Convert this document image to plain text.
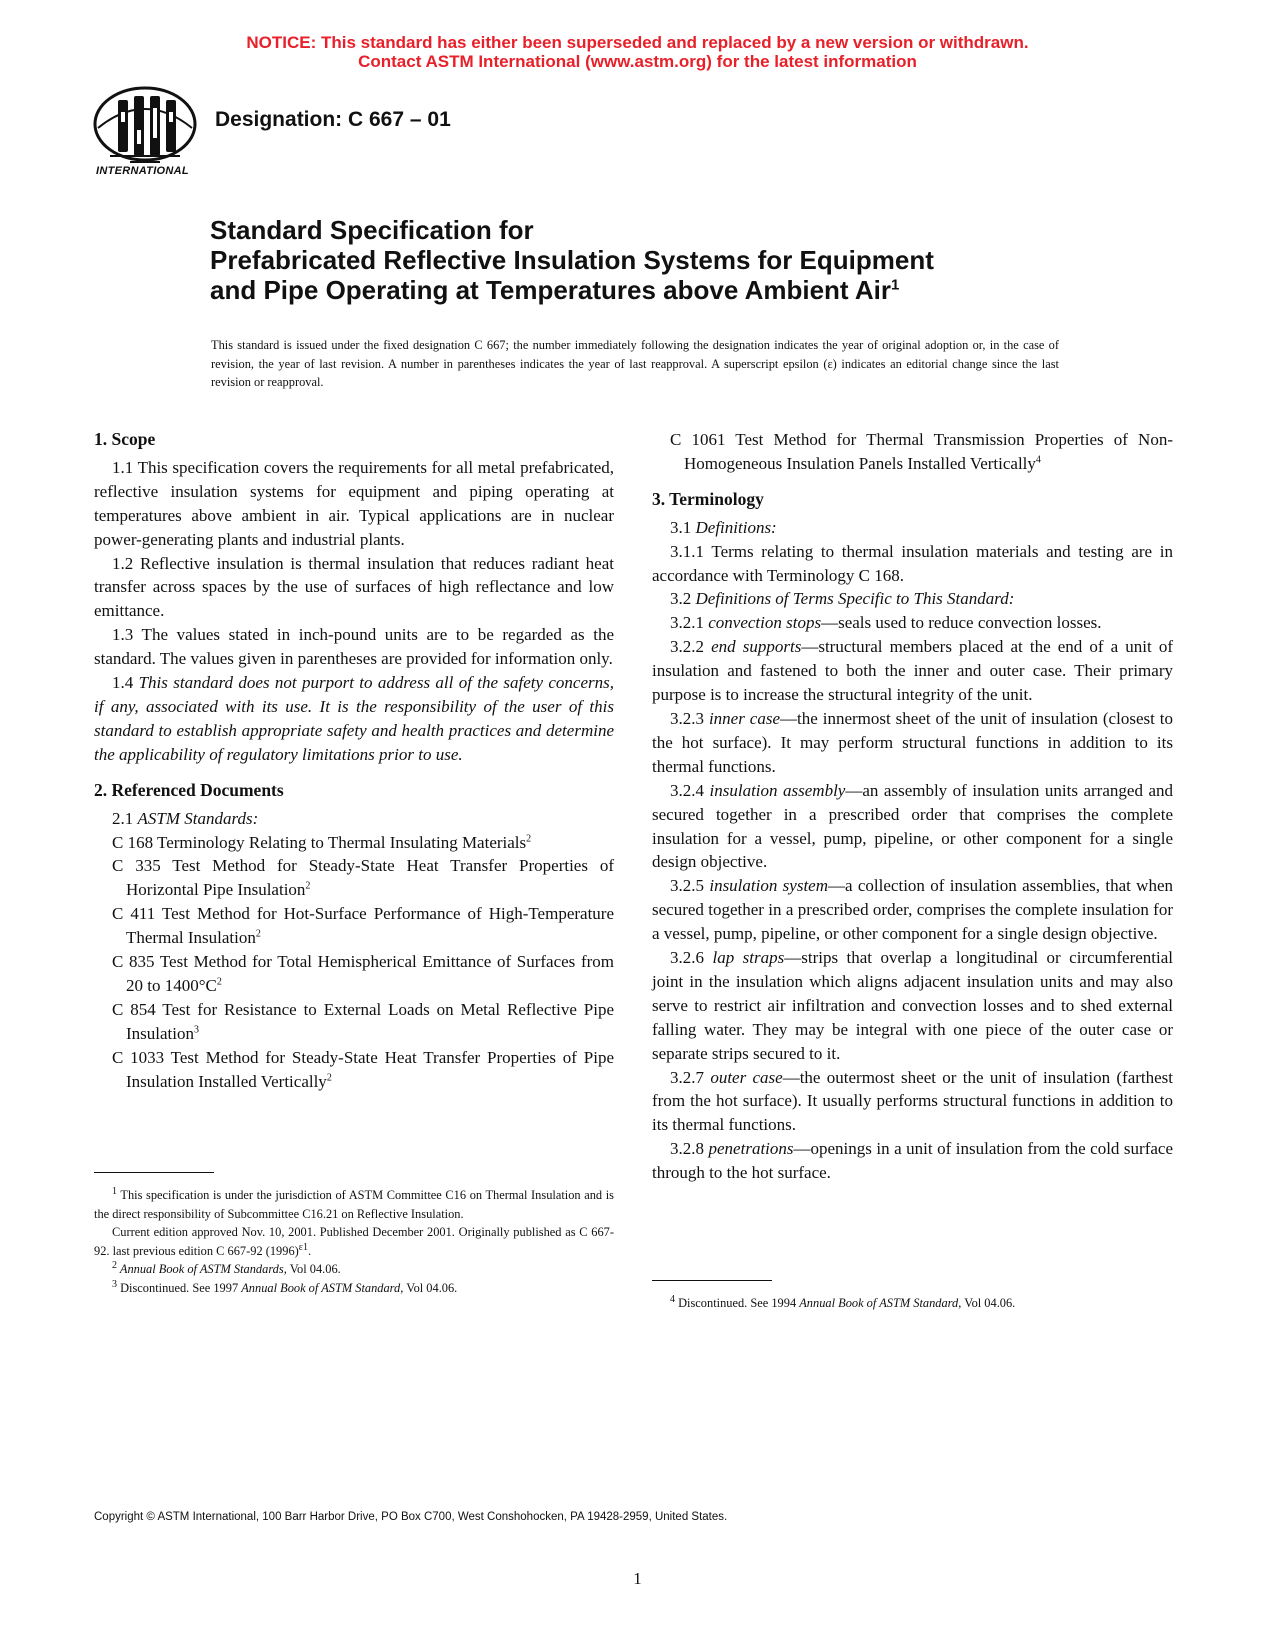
NOTICE: This standard has either been superseded and replaced by a new version or withdrawn.
Contact ASTM International (www.astm.org) for the latest information
INTERNATIONAL
Designation: C 667 – 01
Standard Specification for
Prefabricated Reflective Insulation Systems for Equipment
and Pipe Operating at Temperatures above Ambient Air$^1$
This standard is issued under the fixed designation C 667; the number immediately following the designation indicates the year of original adoption or, in the case of revision, the year of last revision. A number in parentheses indicates the year of last reapproval. A superscript epsilon (ε) indicates an editorial change since the last revision or reapproval.
1. Scope

1.1 This specification covers the requirements for all metal prefabricated, reflective insulation systems for equipment and piping operating at temperatures above ambient in air. Typical applications are in nuclear power-generating plants and industrial plants.

1.2 Reflective insulation is thermal insulation that reduces radiant heat transfer across spaces by the use of surfaces of high reflectance and low emittance.

1.3 The values stated in inch-pound units are to be regarded as the standard. The values given in parentheses are provided for information only.

1.4 This standard does not purport to address all of the safety concerns, if any, associated with its use. It is the responsibility of the user of this standard to establish appropriate safety and health practices and determine the applicability of regulatory limitations prior to use.

2. Referenced Documents

2.1 ASTM Standards:

C 168 Terminology Relating to Thermal Insulating Materials$^2$

C 335 Test Method for Steady-State Heat Transfer Properties of Horizontal Pipe Insulation$^2$

C 411 Test Method for Hot-Surface Performance of High-Temperature Thermal Insulation$^2$

C 835 Test Method for Total Hemispherical Emittance of Surfaces from 20 to $1400^\circ C^2$

C 854 Test for Resistance to External Loads on Metal Reflective Pipe Insulation$^3$

C 1033 Test Method for Steady-State Heat Transfer Properties of Pipe Insulation Installed Vertically$^2$

C 1061 Test Method for Thermal Transmission Properties of Non-Homogeneous Insulation Panels Installed Vertically$^4$

3. Terminology

3.1 Definitions:

3.1.1 Terms relating to thermal insulation materials and testing are in accordance with Terminology C 168.

3.2 Definitions of Terms Specific to This Standard:

3.2.1 convection stops—seals used to reduce convection losses.

3.2.2 end supports—structural members placed at the end of a unit of insulation and fastened to both the inner and outer case. Their primary purpose is to increase the structural integrity of the unit.

3.2.3 inner case—the innermost sheet of the unit of insulation (closest to the hot surface). It may perform structural functions in addition to its thermal functions.

3.2.4 insulation assembly—an assembly of insulation units arranged and secured together in a prescribed order that comprises the complete insulation for a vessel, pump, pipeline, or other component for a single design objective.

3.2.5 insulation system—a collection of insulation assemblies, that when secured together in a prescribed order, comprises the complete insulation for a vessel, pump, pipeline, or other component for a single design objective.

3.2.6 lap straps—strips that overlap a longitudinal or circumferential joint in the insulation which aligns adjacent insulation units and may also serve to restrict air infiltration and convection losses and to shed external falling water. They may be integral with one piece of the outer case or separate strips secured to it.

3.2.7 outer case—the outermost sheet or the unit of insulation (farthest from the hot surface). It usually performs structural functions in addition to its thermal functions.

3.2.8 penetrations—openings in a unit of insulation from the cold surface through to the hot surface.

$^1$ This specification is under the jurisdiction of ASTM Committee C16 on Thermal Insulation and is the direct responsibility of Subcommittee C16.21 on Reflective Insulation.

Current edition approved Nov. 10, 2001. Published December 2001. Originally published as C 667-92. last previous edition C 667-92 $(1996)^{\varepsilon 1}$.

$^2$ Annual Book of ASTM Standards, Vol 04.06.

$^3$ Discontinued. See 1997 Annual Book of ASTM Standard, Vol 04.06.

$^4$ Discontinued. See 1994 Annual Book of ASTM Standard, Vol 04.06.

Copyright © ASTM International, 100 Barr Harbor Drive, PO Box C700, West Conshohocken, PA 19428-2959, United States.
1
